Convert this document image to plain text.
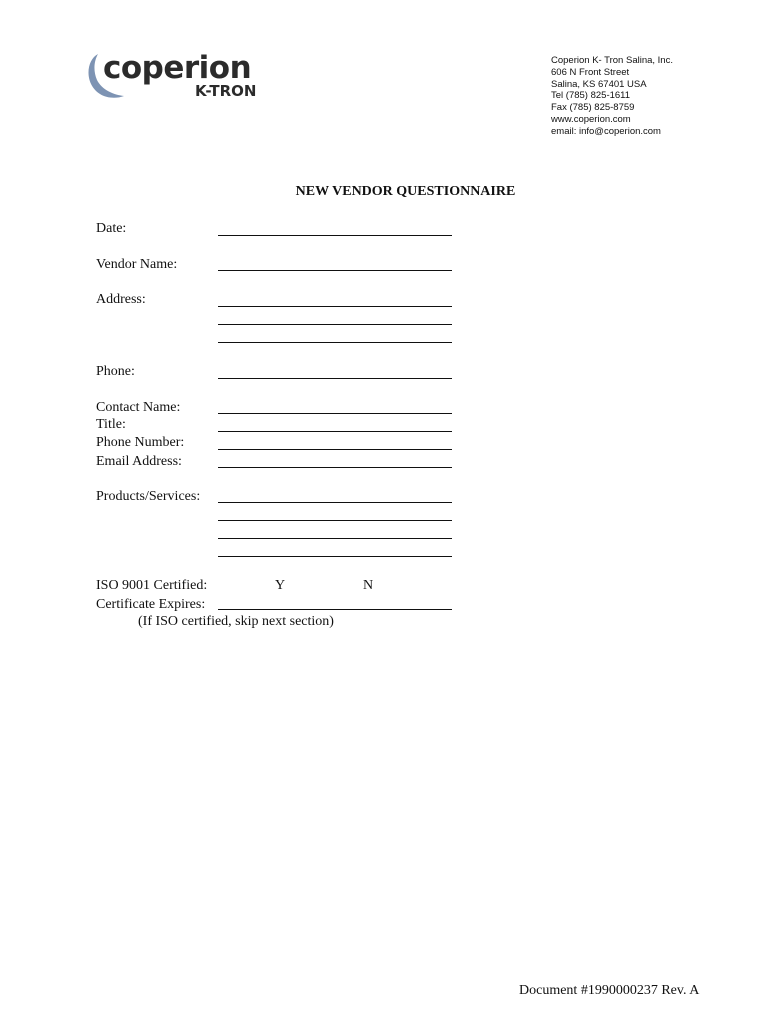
coperion
K-TRON
Coperion K- Tron Salina, Inc.
606 N Front Street
Salina, KS 67401 USA
Tel (785) 825-1611
Fax (785) 825-8759
www.coperion.com
email: info@coperion.com
NEW VENDOR QUESTIONNAIRE
Date:
Vendor Name:
Address:
Phone:
Contact Name:
Title:
Phone Number:
Email Address:
Products/Services:
ISO 9001 Certified:	Y	N
Certificate Expires:
(If ISO certified, skip next section)
Document #1990000237 Rev. A
